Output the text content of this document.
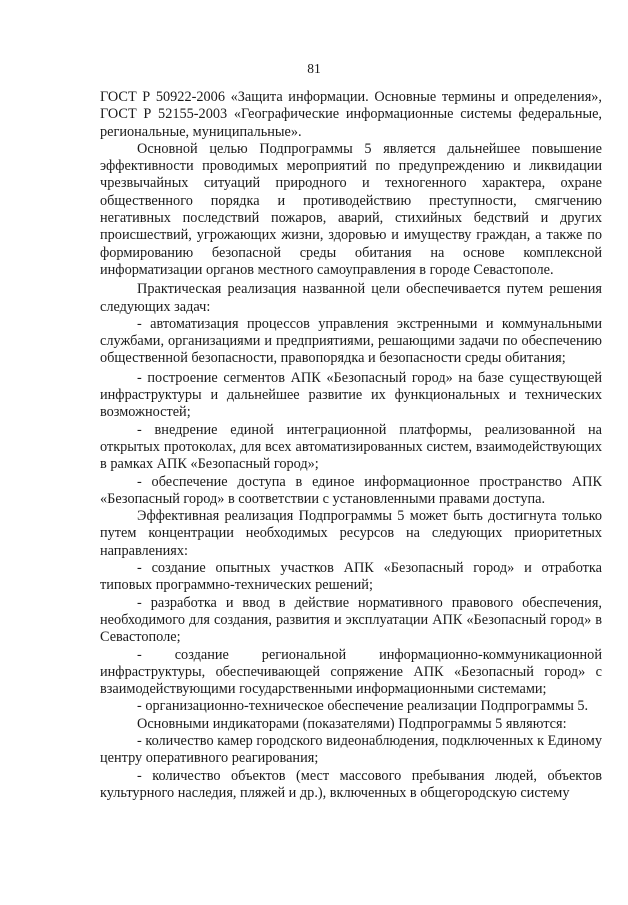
81

ГОСТ Р 50922-2006 «Защита информации. Основные термины и определения», ГОСТ Р 52155-2003 «Географические информационные системы федеральные, региональные, муниципальные».

Основной целью Подпрограммы 5 является дальнейшее повышение эффективности проводимых мероприятий по предупреждению и ликвидации чрезвычайных ситуаций природного и техногенного характера, охране общественного порядка и противодействию преступности, смягчению негативных последствий пожаров, аварий, стихийных бедствий и других происшествий, угрожающих жизни, здоровью и имуществу граждан, а также по формированию безопасной среды обитания на основе комплексной информатизации органов местного самоуправления в городе Севастополе.

Практическая реализация названной цели обеспечивается путем решения следующих задач:

- автоматизация процессов управления экстренными и коммунальными службами, организациями и предприятиями, решающими задачи по обеспечению общественной безопасности, правопорядка и безопасности среды обитания;

- построение сегментов АПК «Безопасный город» на базе существующей инфраструктуры и дальнейшее развитие их функциональных и технических возможностей;

- внедрение единой интеграционной платформы, реализованной на открытых протоколах, для всех автоматизированных систем, взаимодействующих в рамках АПК «Безопасный город»;

- обеспечение доступа в единое информационное пространство АПК «Безопасный город» в соответствии с установленными правами доступа.

Эффективная реализация Подпрограммы 5 может быть достигнута только путем концентрации необходимых ресурсов на следующих приоритетных направлениях:

- создание опытных участков АПК «Безопасный город» и отработка типовых программно-технических решений;

- разработка и ввод в действие нормативного правового обеспечения, необходимого для создания, развития и эксплуатации АПК «Безопасный город» в Севастополе;

- создание региональной информационно-коммуникационной инфраструктуры, обеспечивающей сопряжение АПК «Безопасный город» с взаимодействующими государственными информационными системами;

- организационно-техническое обеспечение реализации Подпрограммы 5.

Основными индикаторами (показателями) Подпрограммы 5 являются:

- количество камер городского видеонаблюдения, подключенных к Единому центру оперативного реагирования;

- количество объектов (мест массового пребывания людей, объектов культурного наследия, пляжей и др.), включенных в общегородскую систему
